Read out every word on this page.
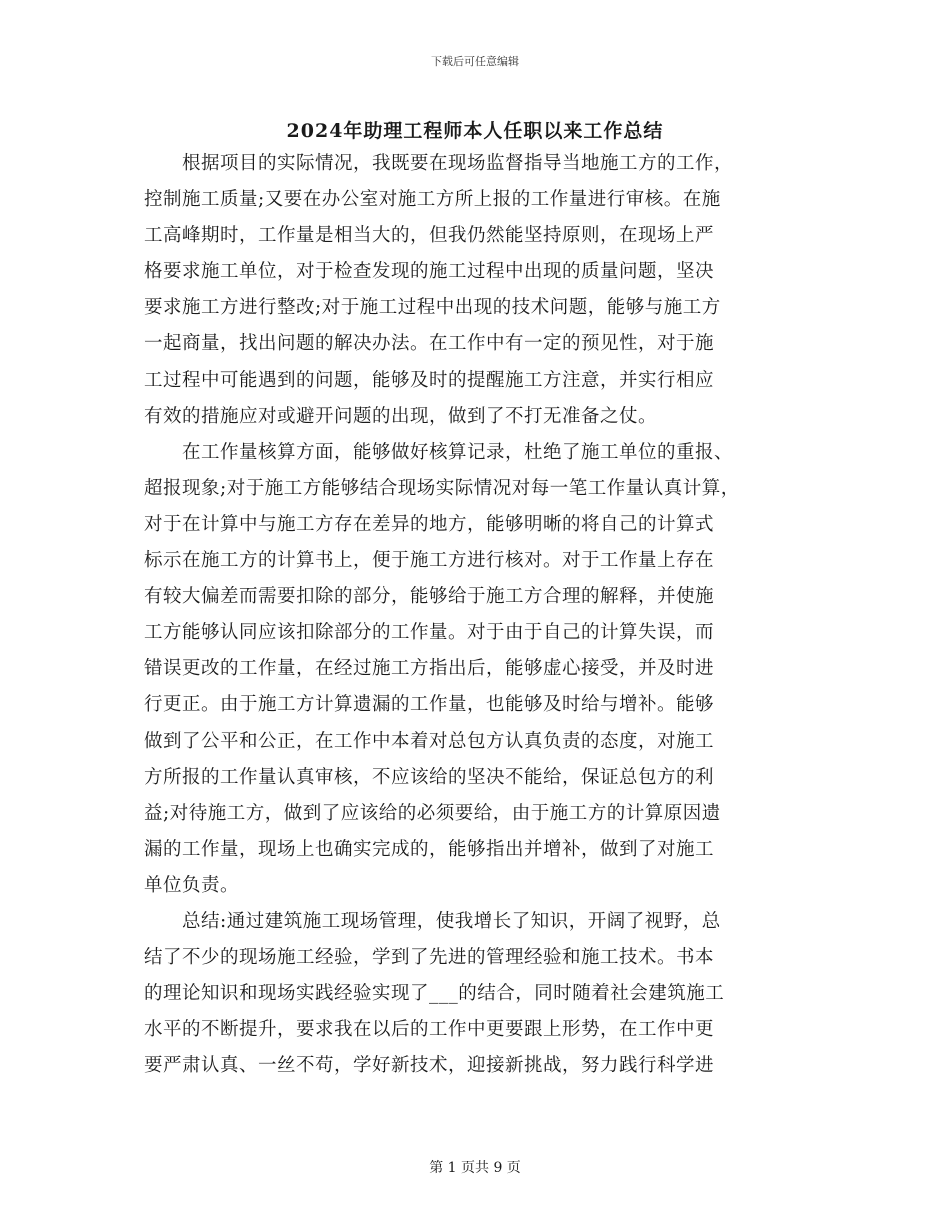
下载后可任意编辑
2024年助理工程师本人任职以来工作总结
　　根据项目的实际情况，我既要在现场监督指导当地施工方的工作，
控制施工质量;又要在办公室对施工方所上报的工作量进行审核。在施
工高峰期时，工作量是相当大的，但我仍然能坚持原则，在现场上严
格要求施工单位，对于检查发现的施工过程中出现的质量问题，坚决
要求施工方进行整改;对于施工过程中出现的技术问题，能够与施工方
一起商量，找出问题的解决办法。在工作中有一定的预见性，对于施
工过程中可能遇到的问题，能够及时的提醒施工方注意，并实行相应
有效的措施应对或避开问题的出现，做到了不打无准备之仗。
　　在工作量核算方面，能够做好核算记录，杜绝了施工单位的重报、
超报现象;对于施工方能够结合现场实际情况对每一笔工作量认真计算，
对于在计算中与施工方存在差异的地方，能够明晰的将自己的计算式
标示在施工方的计算书上，便于施工方进行核对。对于工作量上存在
有较大偏差而需要扣除的部分，能够给于施工方合理的解释，并使施
工方能够认同应该扣除部分的工作量。对于由于自己的计算失误，而
错误更改的工作量，在经过施工方指出后，能够虚心接受，并及时进
行更正。由于施工方计算遗漏的工作量，也能够及时给与增补。能够
做到了公平和公正，在工作中本着对总包方认真负责的态度，对施工
方所报的工作量认真审核，不应该给的坚决不能给，保证总包方的利
益;对待施工方，做到了应该给的必须要给，由于施工方的计算原因遗
漏的工作量，现场上也确实完成的，能够指出并增补，做到了对施工
单位负责。
　　总结:通过建筑施工现场管理，使我增长了知识，开阔了视野，总
结了不少的现场施工经验，学到了先进的管理经验和施工技术。书本
的理论知识和现场实践经验实现了___的结合，同时随着社会建筑施工
水平的不断提升，要求我在以后的工作中更要跟上形势，在工作中更
要严肃认真、一丝不苟，学好新技术，迎接新挑战，努力践行科学进
第 1 页共 9 页
